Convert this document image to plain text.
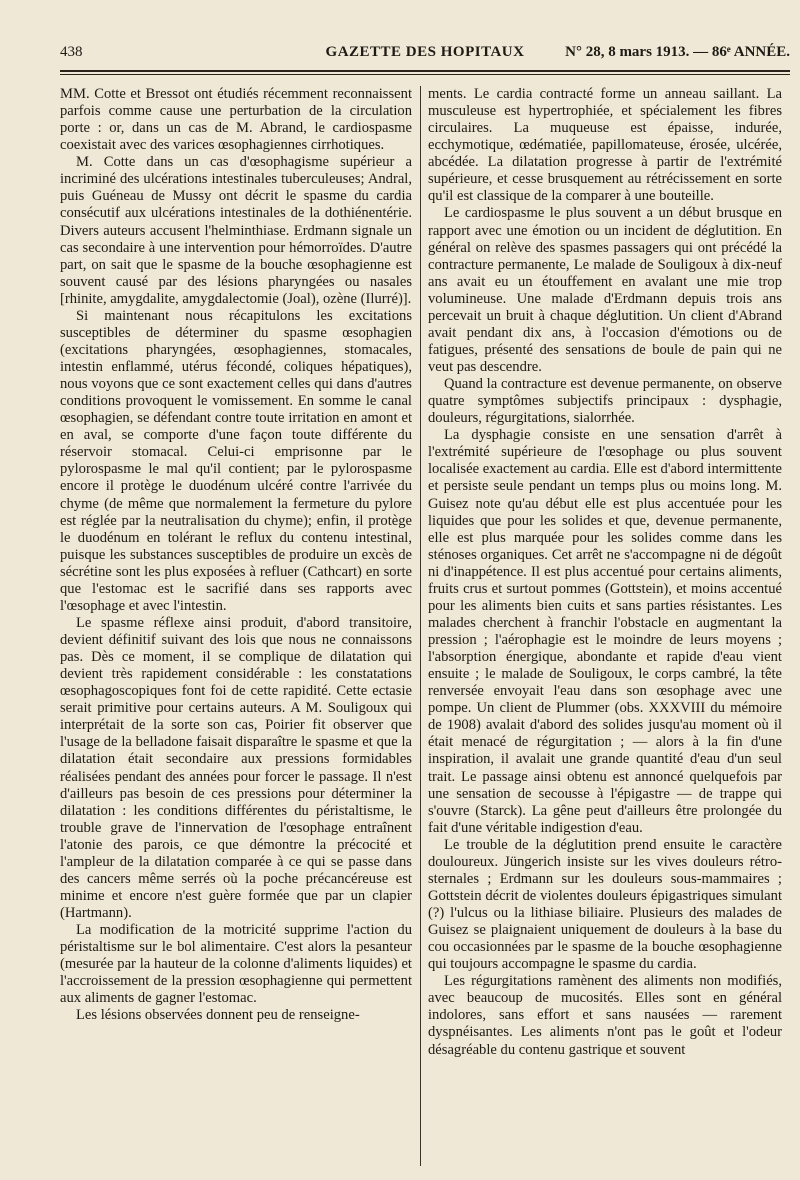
438	GAZETTE DES HOPITAUX	N° 28, 8 mars 1913. — 86ᵉ ANNÉE.

MM. Cotte et Bressot ont étudiés récemment reconnaissent parfois comme cause une perturbation de la circulation porte : or, dans un cas de M. Abrand, le cardiospasme coexistait avec des varices œsophagiennes cirrhotiques.

M. Cotte dans un cas d'œsophagisme supérieur a incriminé des ulcérations intestinales tuberculeuses; Andral, puis Guéneau de Mussy ont décrit le spasme du cardia consécutif aux ulcérations intestinales de la dothiénentérie. Divers auteurs accusent l'helminthiase. Erdmann signale un cas secondaire à une intervention pour hémorroïdes. D'autre part, on sait que le spasme de la bouche œsophagienne est souvent causé par des lésions pharyngées ou nasales [rhinite, amygdalite, amygdalectomie (Joal), ozène (Ilurré)].

Si maintenant nous récapitulons les excitations susceptibles de déterminer du spasme œsophagien (excitations pharyngées, œsophagiennes, stomacales, intestin enflammé, utérus fécondé, coliques hépatiques), nous voyons que ce sont exactement celles qui dans d'autres conditions provoquent le vomissement. En somme le canal œsophagien, se défendant contre toute irritation en amont et en aval, se comporte d'une façon toute différente du réservoir stomacal. Celui-ci emprisonne par le pylorospasme le mal qu'il contient; par le pylorospasme encore il protège le duodénum ulcéré contre l'arrivée du chyme (de même que normalement la fermeture du pylore est réglée par la neutralisation du chyme); enfin, il protège le duodénum en tolérant le reflux du contenu intestinal, puisque les substances susceptibles de produire un excès de sécrétine sont les plus exposées à refluer (Cathcart) en sorte que l'estomac est le sacrifié dans ses rapports avec l'œsophage et avec l'intestin.

Le spasme réflexe ainsi produit, d'abord transitoire, devient définitif suivant des lois que nous ne connaissons pas. Dès ce moment, il se complique de dilatation qui devient très rapidement considérable : les constatations œsophagoscopiques font foi de cette rapidité. Cette ectasie serait primitive pour certains auteurs. A M. Souligoux qui interprétait de la sorte son cas, Poirier fit observer que l'usage de la belladone faisait disparaître le spasme et que la dilatation était secondaire aux pressions formidables réalisées pendant des années pour forcer le passage. Il n'est d'ailleurs pas besoin de ces pressions pour déterminer la dilatation : les conditions différentes du péristaltisme, le trouble grave de l'innervation de l'œsophage entraînent l'atonie des parois, ce que démontre la précocité et l'ampleur de la dilatation comparée à ce qui se passe dans des cancers même serrés où la poche précancéreuse est minime et encore n'est guère formée que par un clapier (Hartmann).

La modification de la motricité supprime l'action du péristaltisme sur le bol alimentaire. C'est alors la pesanteur (mesurée par la hauteur de la colonne d'aliments liquides) et l'accroissement de la pression œsophagienne qui permettent aux aliments de gagner l'estomac.

Les lésions observées donnent peu de renseigne-

ments. Le cardia contracté forme un anneau saillant. La musculeuse est hypertrophiée, et spécialement les fibres circulaires. La muqueuse est épaisse, indurée, ecchymotique, œdématiée, papillomateuse, érosée, ulcérée, abcédée. La dilatation progresse à partir de l'extrémité supérieure, et cesse brusquement au rétrécissement en sorte qu'il est classique de la comparer à une bouteille.

Le cardiospasme le plus souvent a un début brusque en rapport avec une émotion ou un incident de déglutition. En général on relève des spasmes passagers qui ont précédé la contracture permanente, Le malade de Souligoux à dix-neuf ans avait eu un étouffement en avalant une mie trop volumineuse. Une malade d'Erdmann depuis trois ans percevait un bruit à chaque déglutition. Un client d'Abrand avait pendant dix ans, à l'occasion d'émotions ou de fatigues, présenté des sensations de boule de pain qui ne veut pas descendre.

Quand la contracture est devenue permanente, on observe quatre symptômes subjectifs principaux : dysphagie, douleurs, régurgitations, sialorrhée.

La dysphagie consiste en une sensation d'arrêt à l'extrémité supérieure de l'œsophage ou plus souvent localisée exactement au cardia. Elle est d'abord intermittente et persiste seule pendant un temps plus ou moins long. M. Guisez note qu'au début elle est plus accentuée pour les liquides que pour les solides et que, devenue permanente, elle est plus marquée pour les solides comme dans les sténoses organiques. Cet arrêt ne s'accompagne ni de dégoût ni d'inappétence. Il est plus accentué pour certains aliments, fruits crus et surtout pommes (Gottstein), et moins accentué pour les aliments bien cuits et sans parties résistantes. Les malades cherchent à franchir l'obstacle en augmentant la pression ; l'aérophagie est le moindre de leurs moyens ; l'absorption énergique, abondante et rapide d'eau vient ensuite ; le malade de Souligoux, le corps cambré, la tête renversée envoyait l'eau dans son œsophage avec une pompe. Un client de Plummer (obs. XXXVIII du mémoire de 1908) avalait d'abord des solides jusqu'au moment où il était menacé de régurgitation ; — alors à la fin d'une inspiration, il avalait une grande quantité d'eau d'un seul trait. Le passage ainsi obtenu est annoncé quelquefois par une sensation de secousse à l'épigastre — de trappe qui s'ouvre (Starck). La gêne peut d'ailleurs être prolongée du fait d'une véritable indigestion d'eau.

Le trouble de la déglutition prend ensuite le caractère douloureux. Jüngerich insiste sur les vives douleurs rétro-sternales ; Erdmann sur les douleurs sous-mammaires ; Gottstein décrit de violentes douleurs épigastriques simulant (?) l'ulcus ou la lithiase biliaire. Plusieurs des malades de Guisez se plaignaient uniquement de douleurs à la base du cou occasionnées par le spasme de la bouche œsophagienne qui toujours accompagne le spasme du cardia.

Les régurgitations ramènent des aliments non modifiés, avec beaucoup de mucosités. Elles sont en général indolores, sans effort et sans nausées — rarement dyspnéisantes. Les aliments n'ont pas le goût et l'odeur désagréable du contenu gastrique et souvent
